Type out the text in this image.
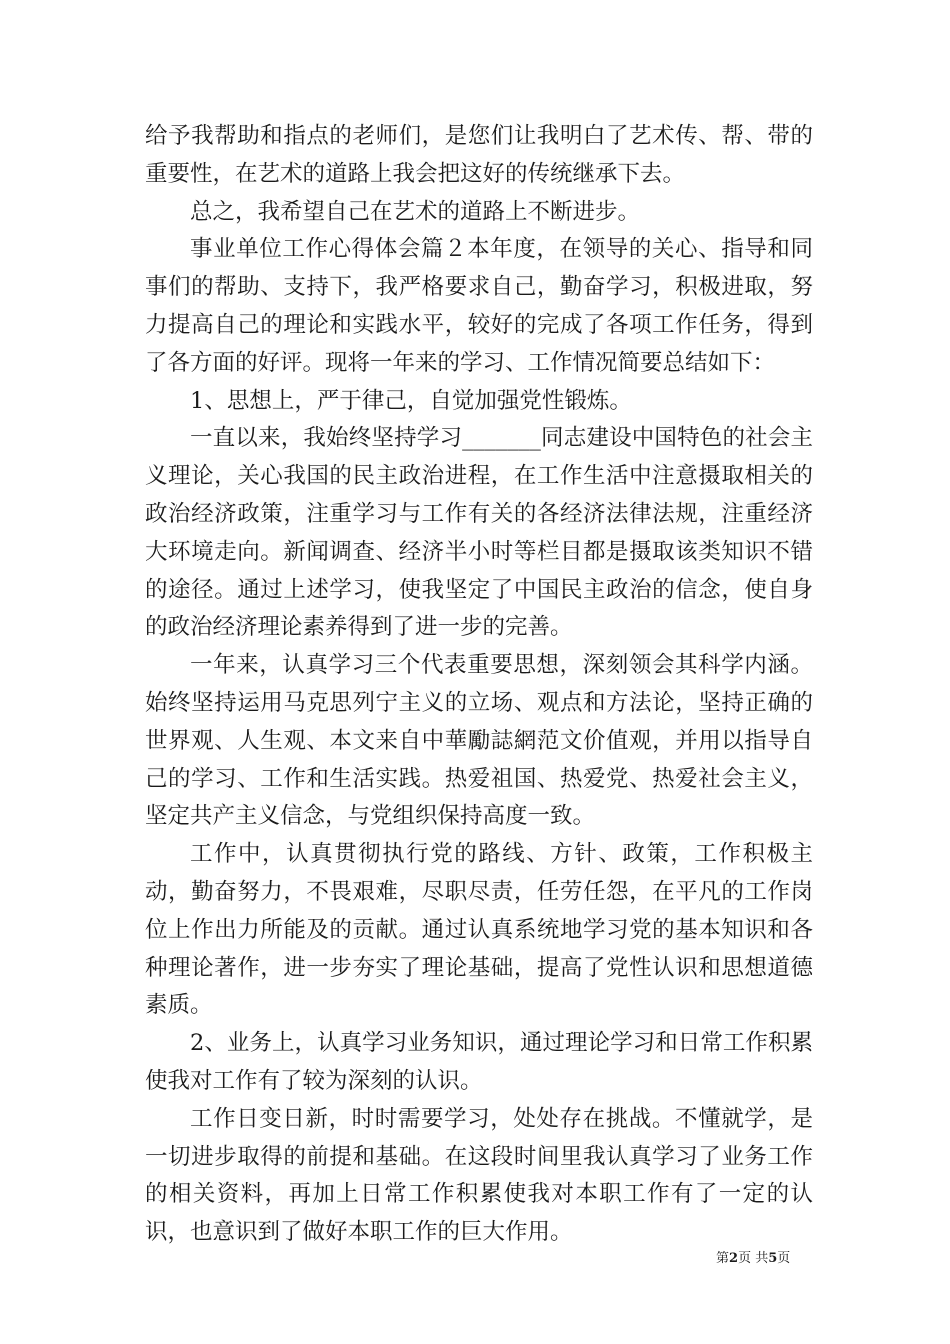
给予我帮助和指点的老师们，是您们让我明白了艺术传、帮、带的重要性，在艺术的道路上我会把这好的传统继承下去。

总之，我希望自己在艺术的道路上不断进步。

事业单位工作心得体会篇２本年度，在领导的关心、指导和同事们的帮助、支持下，我严格要求自己，勤奋学习，积极进取，努力提高自己的理论和实践水平，较好的完成了各项工作任务，得到了各方面的好评。现将一年来的学习、工作情况简要总结如下：

1、思想上，严于律己，自觉加强党性锻炼。

一直以来，我始终坚持学习_______同志建设中国特色的社会主义理论，关心我国的民主政治进程，在工作生活中注意摄取相关的政治经济政策，注重学习与工作有关的各经济法律法规，注重经济大环境走向。新闻调查、经济半小时等栏目都是摄取该类知识不错的途径。通过上述学习，使我坚定了中国民主政治的信念，使自身的政治经济理论素养得到了进一步的完善。

一年来，认真学习三个代表重要思想，深刻领会其科学内涵。始终坚持运用马克思列宁主义的立场、观点和方法论，坚持正确的世界观、人生观、本文来自中華勵誌網范文价值观，并用以指导自己的学习、工作和生活实践。热爱祖国、热爱党、热爱社会主义，坚定共产主义信念，与党组织保持高度一致。

工作中，认真贯彻执行党的路线、方针、政策，工作积极主动，勤奋努力，不畏艰难，尽职尽责，任劳任怨，在平凡的工作岗位上作出力所能及的贡献。通过认真系统地学习党的基本知识和各种理论著作，进一步夯实了理论基础，提高了党性认识和思想道德素质。

2、业务上，认真学习业务知识，通过理论学习和日常工作积累使我对工作有了较为深刻的认识。

工作日变日新，时时需要学习，处处存在挑战。不懂就学，是一切进步取得的前提和基础。在这段时间里我认真学习了业务工作的相关资料，再加上日常工作积累使我对本职工作有了一定的认识，也意识到了做好本职工作的巨大作用。

第2页 共5页
